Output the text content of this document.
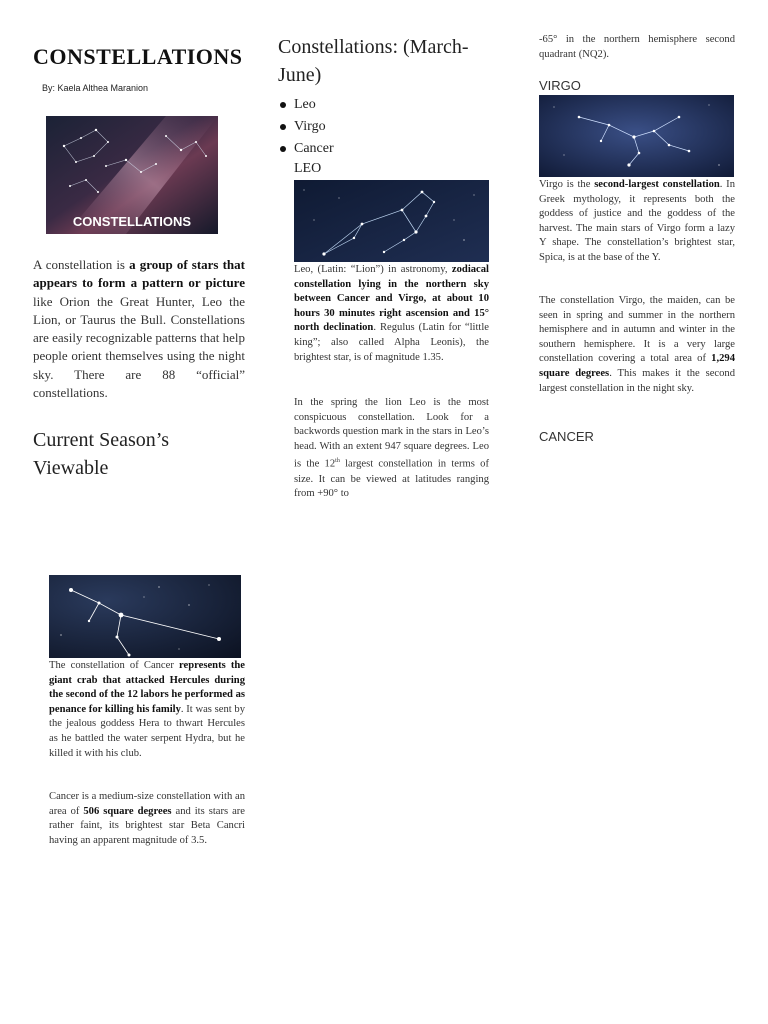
CONSTELLATIONS
By: Kaela Althea Maranion
CONSTELLATIONS
A constellation is a group of stars that appears to form a pattern or picture like Orion the Great Hunter, Leo the Lion, or Taurus the Bull. Constellations are easily recognizable patterns that help people orient themselves using the night sky. There are 88 “official” constellations.
Current Season’s Viewable
The constellation of Cancer represents the giant crab that attacked Hercules during the second of the 12 labors he performed as penance for killing his family. It was sent by the jealous goddess Hera to thwart Hercules as he battled the water serpent Hydra, but he killed it with his club.
Cancer is a medium-size constellation with an area of 506 square degrees and its stars are rather faint, its brightest star Beta Cancri having an apparent magnitude of 3.5.
Constellations: (March-June)
Leo
Virgo
Cancer
LEO
Leo, (Latin: “Lion”) in astronomy, zodiacal constellation lying in the northern sky between Cancer and Virgo, at about 10 hours 30 minutes right ascension and 15° north declination. Regulus (Latin for “little king”; also called Alpha Leonis), the brightest star, is of magnitude 1.35.
In the spring the lion Leo is the most conspicuous constellation. Look for a backwords question mark in the stars in Leo’s head. With an extent 947 square degrees. Leo is the 12th largest constellation in terms of size. It can be viewed at latitudes ranging from +90° to
-65° in the northern hemisphere second quadrant (NQ2).
VIRGO
Virgo is the second-largest constellation. In Greek mythology, it represents both the goddess of justice and the goddess of the harvest. The main stars of Virgo form a lazy Y shape. The constellation’s brightest star, Spica, is at the base of the Y.
The constellation Virgo, the maiden, can be seen in spring and summer in the northern hemisphere and in autumn and winter in the southern hemisphere. It is a very large constellation covering a total area of 1,294 square degrees. This makes it the second largest constellation in the night sky.
CANCER
